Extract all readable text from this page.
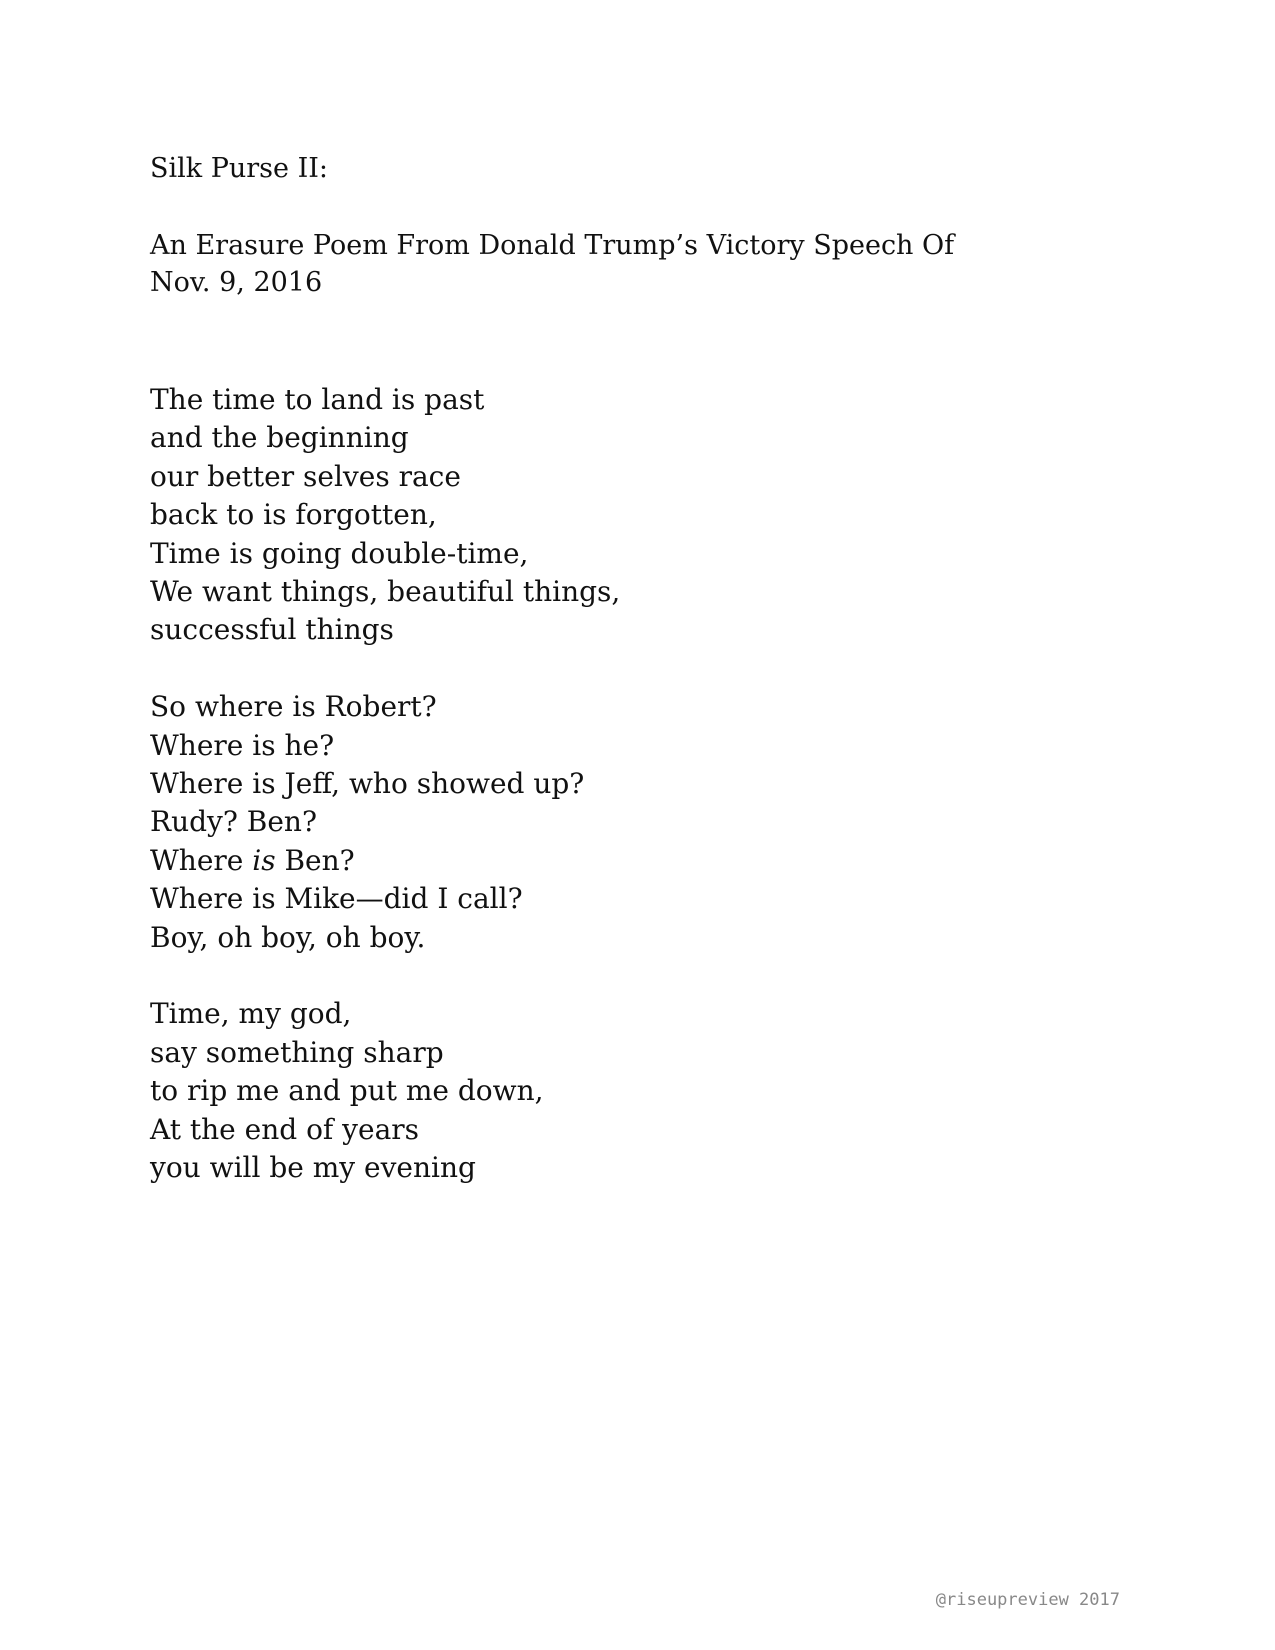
Silk Purse II:
An Erasure Poem From Donald Trump’s Victory Speech Of
Nov. 9, 2016
The time to land is past
and the beginning
our better selves race
back to is forgotten,
Time is going double-time,
We want things, beautiful things,
successful things
So where is Robert?
Where is he?
Where is Jeff, who showed up?
Rudy? Ben?
Where is Ben?
Where is Mike—did I call?
Boy, oh boy, oh boy.
Time, my god,
say something sharp
to rip me and put me down,
At the end of years
you will be my evening
@riseupreview 2017
